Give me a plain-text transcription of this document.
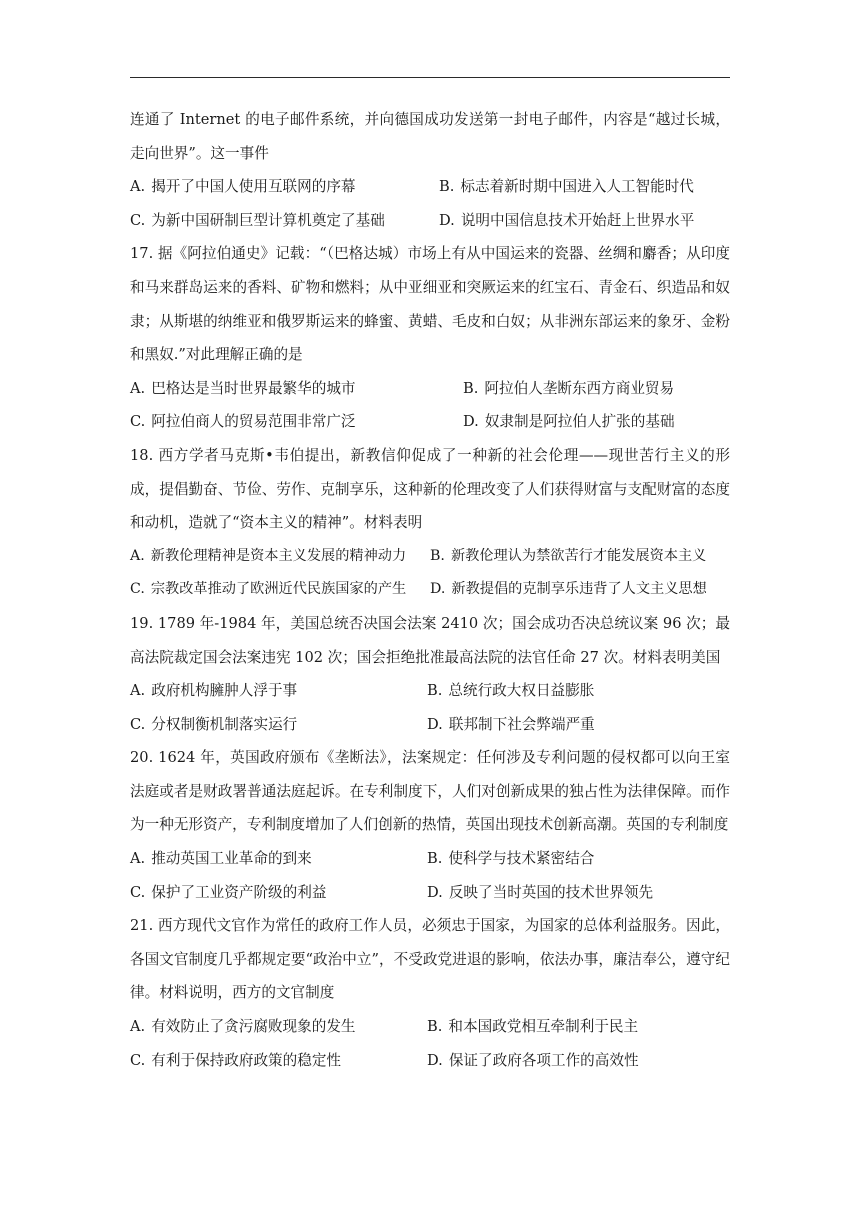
连通了 Internet 的电子邮件系统，并向德国成功发送第一封电子邮件，内容是“越过长城，走向世界”。这一事件

A. 揭开了中国人使用互联网的序幕	B. 标志着新时期中国进入人工智能时代
C. 为新中国研制巨型计算机奠定了基础	D. 说明中国信息技术开始赶上世界水平

17. 据《阿拉伯通史》记载：“（巴格达城）市场上有从中国运来的瓷器、丝绸和麝香；从印度和马来群岛运来的香料、矿物和燃料；从中亚细亚和突厥运来的红宝石、青金石、织造品和奴隶；从斯堪的纳维亚和俄罗斯运来的蜂蜜、黄蜡、毛皮和白奴；从非洲东部运来的象牙、金粉和黑奴.”对此理解正确的是

A. 巴格达是当时世界最繁华的城市	B. 阿拉伯人垄断东西方商业贸易
C. 阿拉伯商人的贸易范围非常广泛	D. 奴隶制是阿拉伯人扩张的基础

18. 西方学者马克斯•韦伯提出，新教信仰促成了一种新的社会伦理——现世苦行主义的形成，提倡勤奋、节俭、劳作、克制享乐，这种新的伦理改变了人们获得财富与支配财富的态度和动机，造就了“资本主义的精神”。材料表明

A. 新教伦理精神是资本主义发展的精神动力	B. 新教伦理认为禁欲苦行才能发展资本主义
C. 宗教改革推动了欧洲近代民族国家的产生	D. 新教提倡的克制享乐违背了人文主义思想

19. 1789 年-1984 年，美国总统否决国会法案 2410 次；国会成功否决总统议案 96 次；最高法院裁定国会法案违宪 102 次；国会拒绝批准最高法院的法官任命 27 次。材料表明美国

A. 政府机构臃肿人浮于事	B. 总统行政大权日益膨胀
C. 分权制衡机制落实运行	D. 联邦制下社会弊端严重

20. 1624 年，英国政府颁布《垄断法》，法案规定：任何涉及专利问题的侵权都可以向王室法庭或者是财政署普通法庭起诉。在专利制度下，人们对创新成果的独占性为法律保障。而作为一种无形资产，专利制度增加了人们创新的热情，英国出现技术创新高潮。英国的专利制度

A. 推动英国工业革命的到来	B. 使科学与技术紧密结合
C. 保护了工业资产阶级的利益	D. 反映了当时英国的技术世界领先

21. 西方现代文官作为常任的政府工作人员，必须忠于国家，为国家的总体利益服务。因此，各国文官制度几乎都规定要“政治中立”，不受政党进退的影响，依法办事，廉洁奉公，遵守纪律。材料说明，西方的文官制度

A. 有效防止了贪污腐败现象的发生	B. 和本国政党相互牵制利于民主
C. 有利于保持政府政策的稳定性	D. 保证了政府各项工作的高效性
